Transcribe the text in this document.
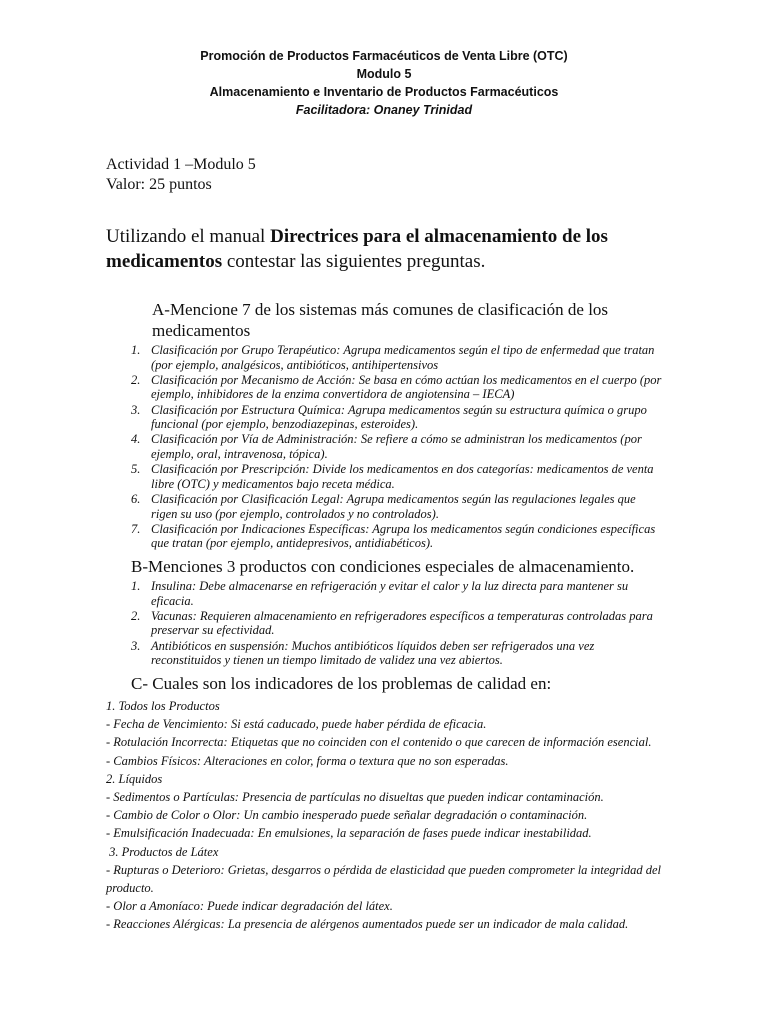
Promoción de Productos Farmacéuticos de Venta Libre (OTC)
Modulo 5
Almacenamiento e Inventario de Productos Farmacéuticos
Facilitadora: Onaney Trinidad
Actividad 1 –Modulo 5
Valor: 25 puntos
Utilizando el manual Directrices para el almacenamiento de los medicamentos contestar las siguientes preguntas.
A-Mencione 7 de los sistemas más comunes de clasificación de los medicamentos
1. Clasificación por Grupo Terapéutico: Agrupa medicamentos según el tipo de enfermedad que tratan (por ejemplo, analgésicos, antibióticos, antihipertensivos
2. Clasificación por Mecanismo de Acción: Se basa en cómo actúan los medicamentos en el cuerpo (por ejemplo, inhibidores de la enzima convertidora de angiotensina – IECA)
3. Clasificación por Estructura Química: Agrupa medicamentos según su estructura química o grupo funcional (por ejemplo, benzodiazepinas, esteroides).
4. Clasificación por Vía de Administración: Se refiere a cómo se administran los medicamentos (por ejemplo, oral, intravenosa, tópica).
5. Clasificación por Prescripción: Divide los medicamentos en dos categorías: medicamentos de venta libre (OTC) y medicamentos bajo receta médica.
6. Clasificación por Clasificación Legal: Agrupa medicamentos según las regulaciones legales que rigen su uso (por ejemplo, controlados y no controlados).
7. Clasificación por Indicaciones Específicas: Agrupa los medicamentos según condiciones específicas que tratan (por ejemplo, antidepresivos, antidiabéticos).
B-Menciones 3 productos con condiciones especiales de almacenamiento.
1. Insulina: Debe almacenarse en refrigeración y evitar el calor y la luz directa para mantener su eficacia.
2. Vacunas: Requieren almacenamiento en refrigeradores específicos a temperaturas controladas para preservar su efectividad.
3. Antibióticos en suspensión: Muchos antibióticos líquidos deben ser refrigerados una vez reconstituidos y tienen un tiempo limitado de validez una vez abiertos.
C- Cuales son los indicadores de los problemas de calidad en:
1. Todos los Productos
- Fecha de Vencimiento: Si está caducado, puede haber pérdida de eficacia.
- Rotulación Incorrecta: Etiquetas que no coinciden con el contenido o que carecen de información esencial.
- Cambios Físicos: Alteraciones en color, forma o textura que no son esperadas.
2. Líquidos
- Sedimentos o Partículas: Presencia de partículas no disueltas que pueden indicar contaminación.
- Cambio de Color o Olor: Un cambio inesperado puede señalar degradación o contaminación.
- Emulsificación Inadecuada: En emulsiones, la separación de fases puede indicar inestabilidad.
3. Productos de Látex
- Rupturas o Deterioro: Grietas, desgarros o pérdida de elasticidad que pueden comprometer la integridad del producto.
- Olor a Amoníaco: Puede indicar degradación del látex.
- Reacciones Alérgicas: La presencia de alérgenos aumentados puede ser un indicador de mala calidad.
